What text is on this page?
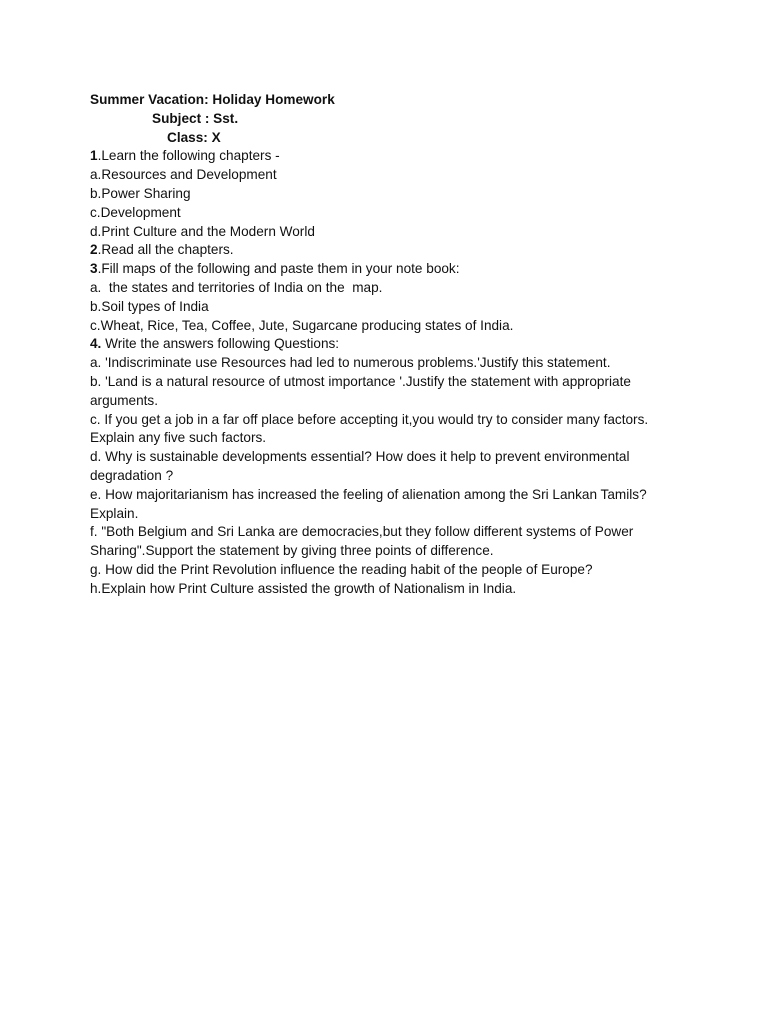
Summer Vacation: Holiday Homework

Subject : Sst.

Class: X

1.Learn the following chapters -

a.Resources and Development

b.Power Sharing

c.Development

d.Print Culture and the Modern World

2.Read all the chapters.

3.Fill maps of the following and paste them in your note book:

a.  the states and territories of India on the  map.

b.Soil types of India

c.Wheat, Rice, Tea, Coffee, Jute, Sugarcane producing states of India.

4. Write the answers following Questions:

a. 'Indiscriminate use Resources had led to numerous problems.'Justify this statement.

b. 'Land is a natural resource of utmost importance '.Justify the statement with appropriate arguments.

c. If you get a job in a far off place before accepting it,you would try to consider many factors. Explain any five such factors.

d. Why is sustainable developments essential? How does it help to prevent environmental degradation ?

e. How majoritarianism has increased the feeling of alienation among the Sri Lankan Tamils? Explain.

f. "Both Belgium and Sri Lanka are democracies,but they follow different systems of Power Sharing".Support the statement by giving three points of difference.

g. How did the Print Revolution influence the reading habit of the people of Europe?

h.Explain how Print Culture assisted the growth of Nationalism in India.
